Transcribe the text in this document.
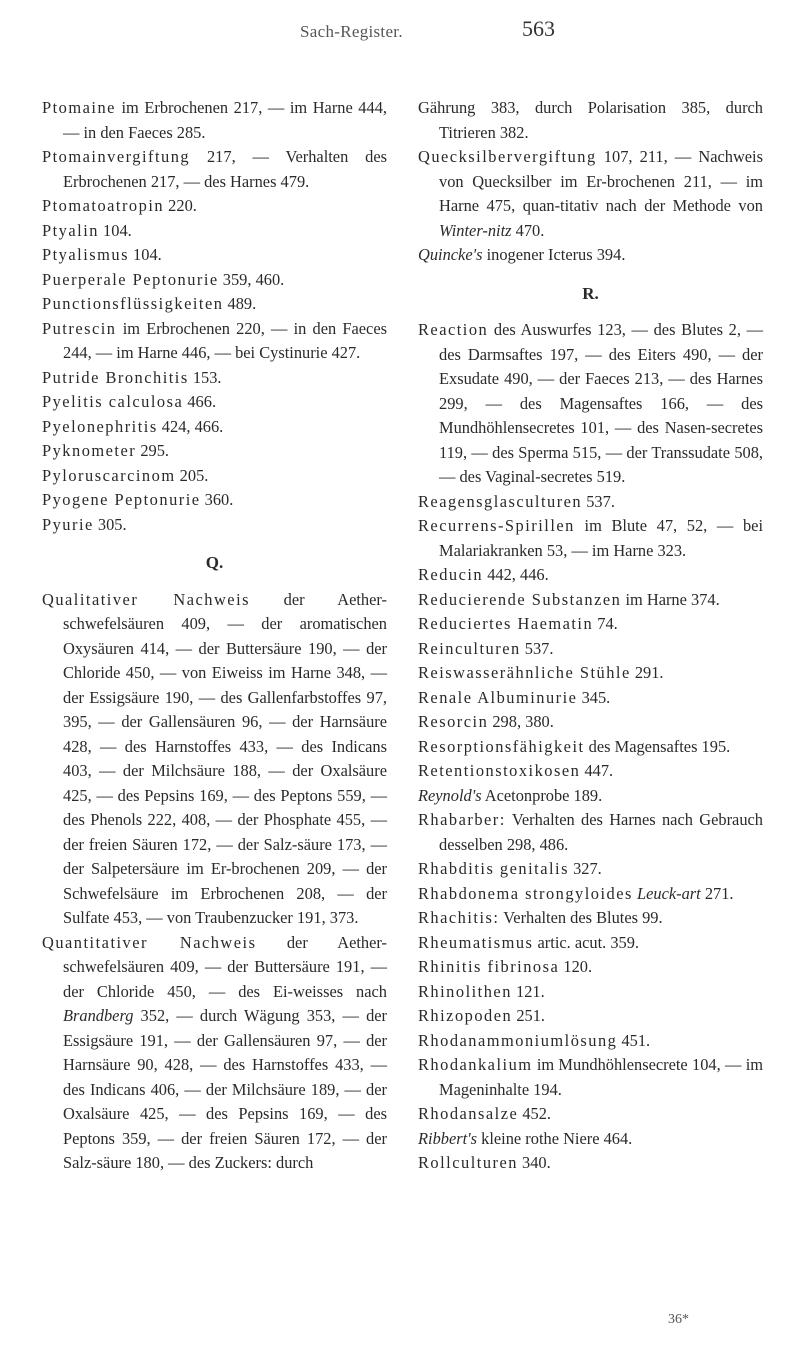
Sach-Register.	563
Ptomaine im Erbrochenen 217, — im Harne 444, — in den Faeces 285.
Ptomainvergiftung 217, — Verhalten des Erbrochenen 217, — des Harnes 479.
Ptomatoatropin 220.
Ptyalin 104.
Ptyalismus 104.
Puerperale Peptonurie 359, 460.
Punctionsflüssigkeiten 489.
Putrescin im Erbrochenen 220, — in den Faeces 244, — im Harne 446, — bei Cystinurie 427.
Putride Bronchitis 153.
Pyelitis calculosa 466.
Pyelonephritis 424, 466.
Pyknometer 295.
Pyloruscarcinom 205.
Pyogene Peptonurie 360.
Pyurie 305.
Q.
Qualitativer Nachweis der Aether-schwefelsäuren 409, — der aromatischen Oxysäuren 414, — der Buttersäure 190, — der Chloride 450, — von Eiweiss im Harne 348, — der Essigsäure 190, — des Gallenfarbstoffes 97, 395, — der Gallensäuren 96, — der Harnsäure 428, — des Harnstoffes 433, — des Indicans 403, — der Milchsäure 188, — der Oxalsäure 425, — des Pepsins 169, — des Peptons 559, — des Phenols 222, 408, — der Phosphate 455, — der freien Säuren 172, — der Salz-säure 173, — der Salpetersäure im Er-brochenen 209, — der Schwefelsäure im Erbrochenen 208, — der Sulfate 453, — von Traubenzucker 191, 373.
Quantitativer Nachweis der Aether-schwefelsäuren 409, — der Buttersäure 191, — der Chloride 450, — des Ei-weisses nach Brandberg 352, — durch Wägung 353, — der Essigsäure 191, — der Gallensäuren 97, — der Harnsäure 90, 428, — des Harnstoffes 433, — des Indicans 406, — der Milchsäure 189, — der Oxalsäure 425, — des Pepsins 169, — des Peptons 359, — der freien Säuren 172, — der Salz-säure 180, — des Zuckers: durch
Gährung 383, durch Polarisation 385, durch Titrieren 382.
Quecksilbervergiftung 107, 211, — Nachweis von Quecksilber im Er-brochenen 211, — im Harne 475, quan-titativ nach der Methode von Winter-nitz 470.
Quincke's inogener Icterus 394.
R.
Reaction des Auswurfes 123, — des Blutes 2, — des Darmsaftes 197, — des Eiters 490, — der Exsudate 490, — der Faeces 213, — des Harnes 299, — des Magensaftes 166, — des Mundhöhlensecretes 101, — des Nasen-secretes 119, — des Sperma 515, — der Transsudate 508, — des Vaginal-secretes 519.
Reagensglasculturen 537.
Recurrens-Spirillen im Blute 47, 52, — bei Malariakranken 53, — im Harne 323.
Reducin 442, 446.
Reducierende Substanzen im Harne 374.
Reduciertes Haematin 74.
Reinculturen 537.
Reiswasserähnliche Stühle 291.
Renale Albuminurie 345.
Resorcin 298, 380.
Resorptionsfähigkeit des Magensaftes 195.
Retentionstoxikosen 447.
Reynold's Acetonprobe 189.
Rhabarber: Verhalten des Harnes nach Gebrauch desselben 298, 486.
Rhabditis genitalis 327.
Rhabdonema strongyloides Leuck-art 271.
Rhachitis: Verhalten des Blutes 99.
Rheumatismus artic. acut. 359.
Rhinitis fibrinosa 120.
Rhinolithen 121.
Rhizopoden 251.
Rhodanammoniumlösung 451.
Rhodankalium im Mundhöhlensecrete 104, — im Mageninhalte 194.
Rhodansalze 452.
Ribbert's kleine rothe Niere 464.
Rollculturen 340.
36*
